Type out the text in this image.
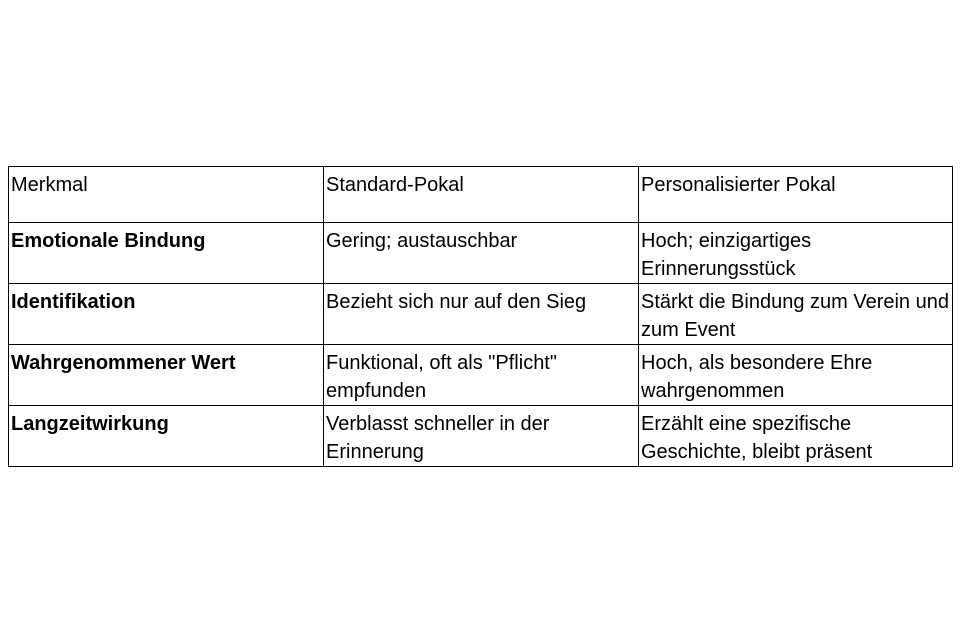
Merkmal	Standard-Pokal	Personalisierter Pokal
Emotionale Bindung	Gering; austauschbar	Hoch; einzigartiges Erinnerungsstück
Identifikation	Bezieht sich nur auf den Sieg	Stärkt die Bindung zum Verein und zum Event
Wahrgenommener Wert	Funktional, oft als "Pflicht" empfunden	Hoch, als besondere Ehre wahrgenommen
Langzeitwirkung	Verblasst schneller in der Erinnerung	Erzählt eine spezifische Geschichte, bleibt präsent
